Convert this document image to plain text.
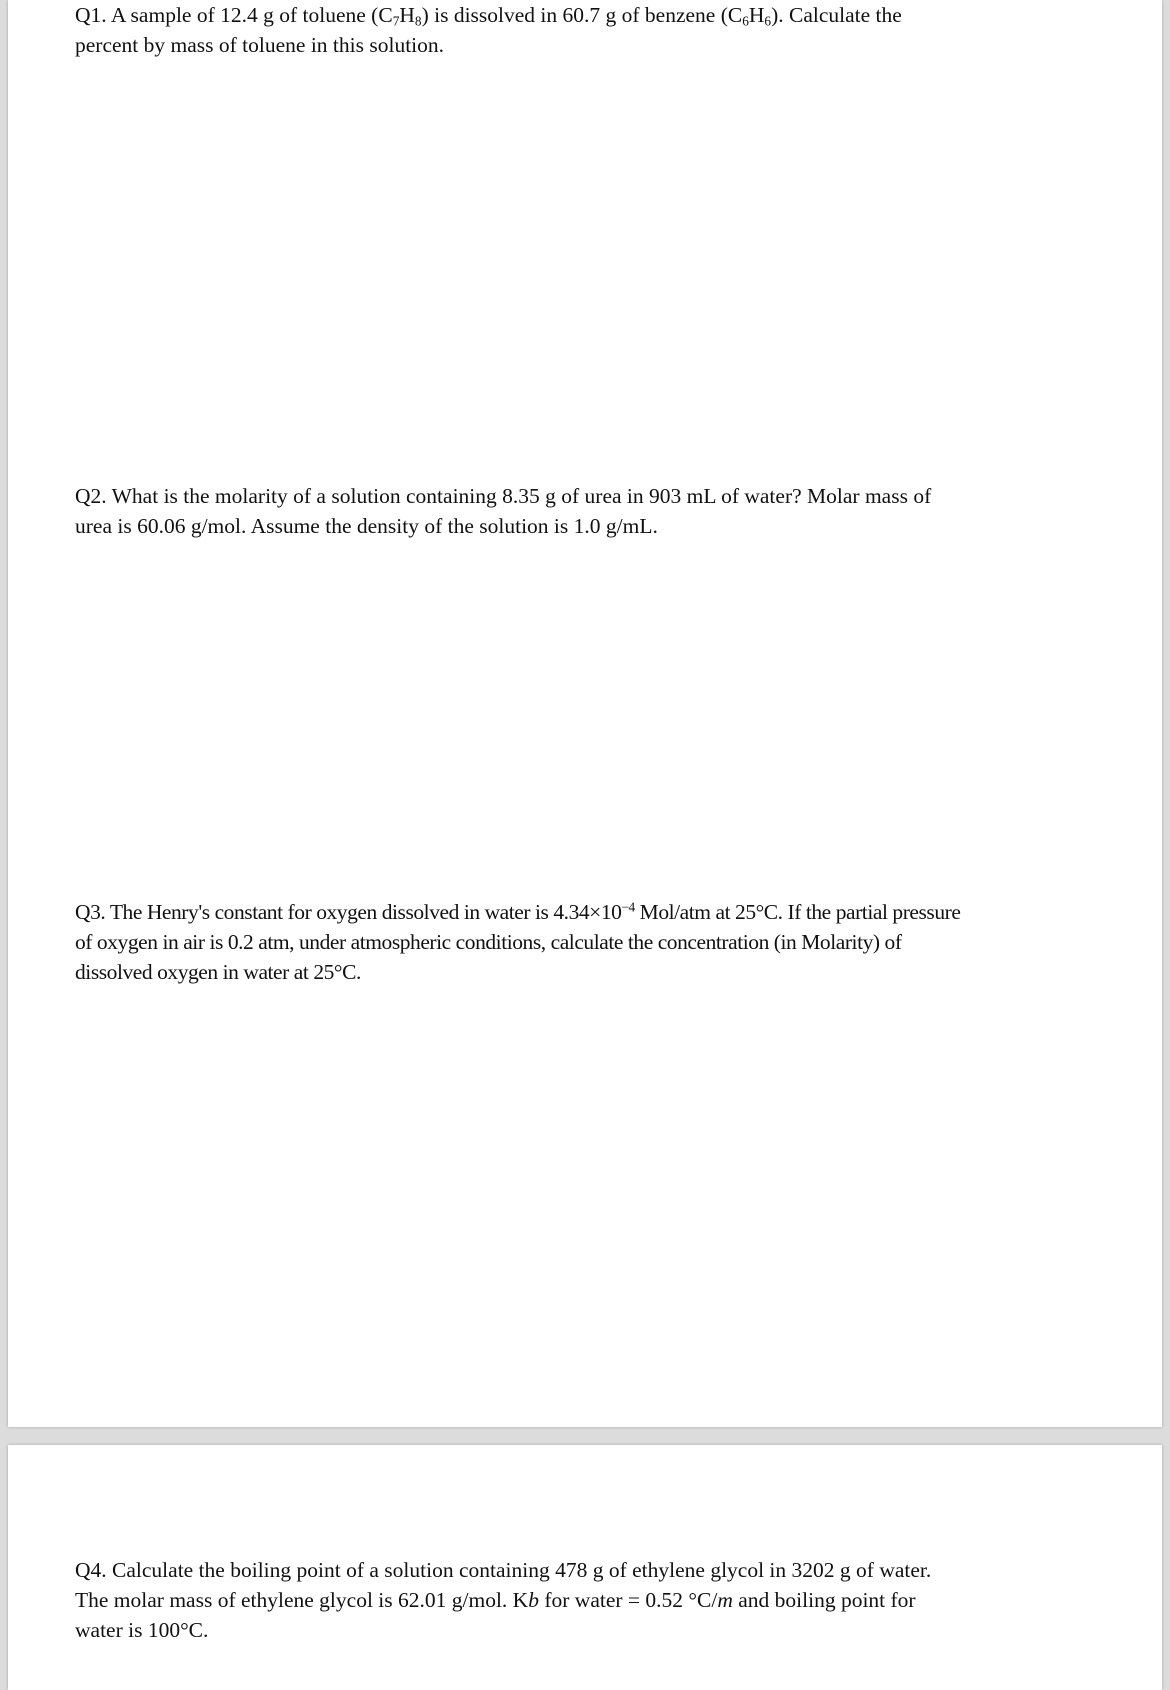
Q1. A sample of 12.4 g of toluene $(C_7H_8)$ is dissolved in 60.7 g of benzene $(C_6H_6)$. Calculate the
percent by mass of toluene in this solution.

Q2. What is the molarity of a solution containing 8.35 g of urea in 903 mL of water? Molar mass of
urea is 60.06 g/mol. Assume the density of the solution is 1.0 g/mL.

Q3. The Henry's constant for oxygen dissolved in water is $4.34\times 10^{-4}$ Mol/atm at 25°C. If the partial pressure
of oxygen in air is 0.2 atm, under atmospheric conditions, calculate the concentration (in Molarity) of
dissolved oxygen in water at 25°C.

Q4. Calculate the boiling point of a solution containing 478 g of ethylene glycol in 3202 g of water.
The molar mass of ethylene glycol is 62.01 g/mol. Kb for water = 0.52 °C/m and boiling point for
water is 100°C.
